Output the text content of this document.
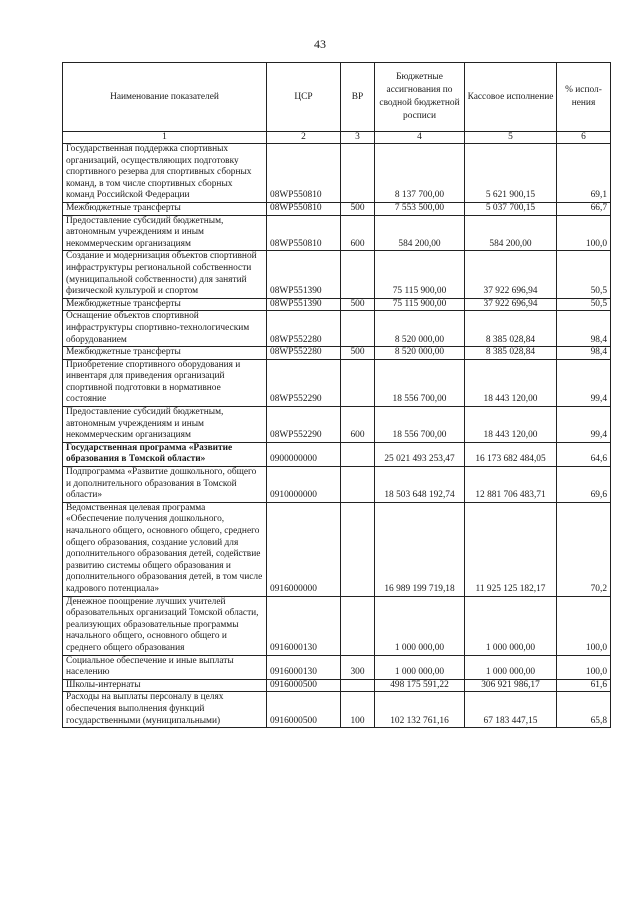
43
Наименование показателей	ЦСР	ВР	Бюджетные ассигнования по сводной бюджетной росписи	Кассовое исполнение	% испол-нения
1	2	3	4	5	6
Государственная поддержка спортивных организаций, осуществляющих подготовку спортивного резерва для спортивных сборных команд, в том числе спортивных сборных команд Российской Федерации	08WP550810		8 137 700,00	5 621 900,15	69,1
Межбюджетные трансферты	08WP550810	500	7 553 500,00	5 037 700,15	66,7
Предоставление субсидий бюджетным, автономным учреждениям и иным некоммерческим организациям	08WP550810	600	584 200,00	584 200,00	100,0
Создание и модернизация объектов спортивной инфраструктуры региональной собственности (муниципальной собственности) для занятий физической культурой и спортом	08WP551390		75 115 900,00	37 922 696,94	50,5
Межбюджетные трансферты	08WP551390	500	75 115 900,00	37 922 696,94	50,5
Оснащение объектов спортивной инфраструктуры спортивно-технологическим оборудованием	08WP552280		8 520 000,00	8 385 028,84	98,4
Межбюджетные трансферты	08WP552280	500	8 520 000,00	8 385 028,84	98,4
Приобретение спортивного оборудования и инвентаря для приведения организаций спортивной подготовки в нормативное состояние	08WP552290		18 556 700,00	18 443 120,00	99,4
Предоставление субсидий бюджетным, автономным учреждениям и иным некоммерческим организациям	08WP552290	600	18 556 700,00	18 443 120,00	99,4
Государственная программа «Развитие образования в Томской области»	0900000000		25 021 493 253,47	16 173 682 484,05	64,6
Подпрограмма «Развитие дошкольного, общего и дополнительного образования в Томской области»	0910000000		18 503 648 192,74	12 881 706 483,71	69,6
Ведомственная целевая программа «Обеспечение получения дошкольного, начального общего, основного общего, среднего общего образования, создание условий для дополнительного образования детей, содействие развитию системы общего образования и дополнительного образования детей, в том числе кадрового потенциала»	0916000000		16 989 199 719,18	11 925 125 182,17	70,2
Денежное поощрение лучших учителей образовательных организаций Томской области, реализующих образовательные программы начального общего, основного общего и среднего общего образования	0916000130		1 000 000,00	1 000 000,00	100,0
Социальное обеспечение и иные выплаты населению	0916000130	300	1 000 000,00	1 000 000,00	100,0
Школы-интернаты	0916000500		498 175 591,22	306 921 986,17	61,6
Расходы на выплаты персоналу в целях обеспечения выполнения функций государственными (муниципальными)	0916000500	100	102 132 761,16	67 183 447,15	65,8
